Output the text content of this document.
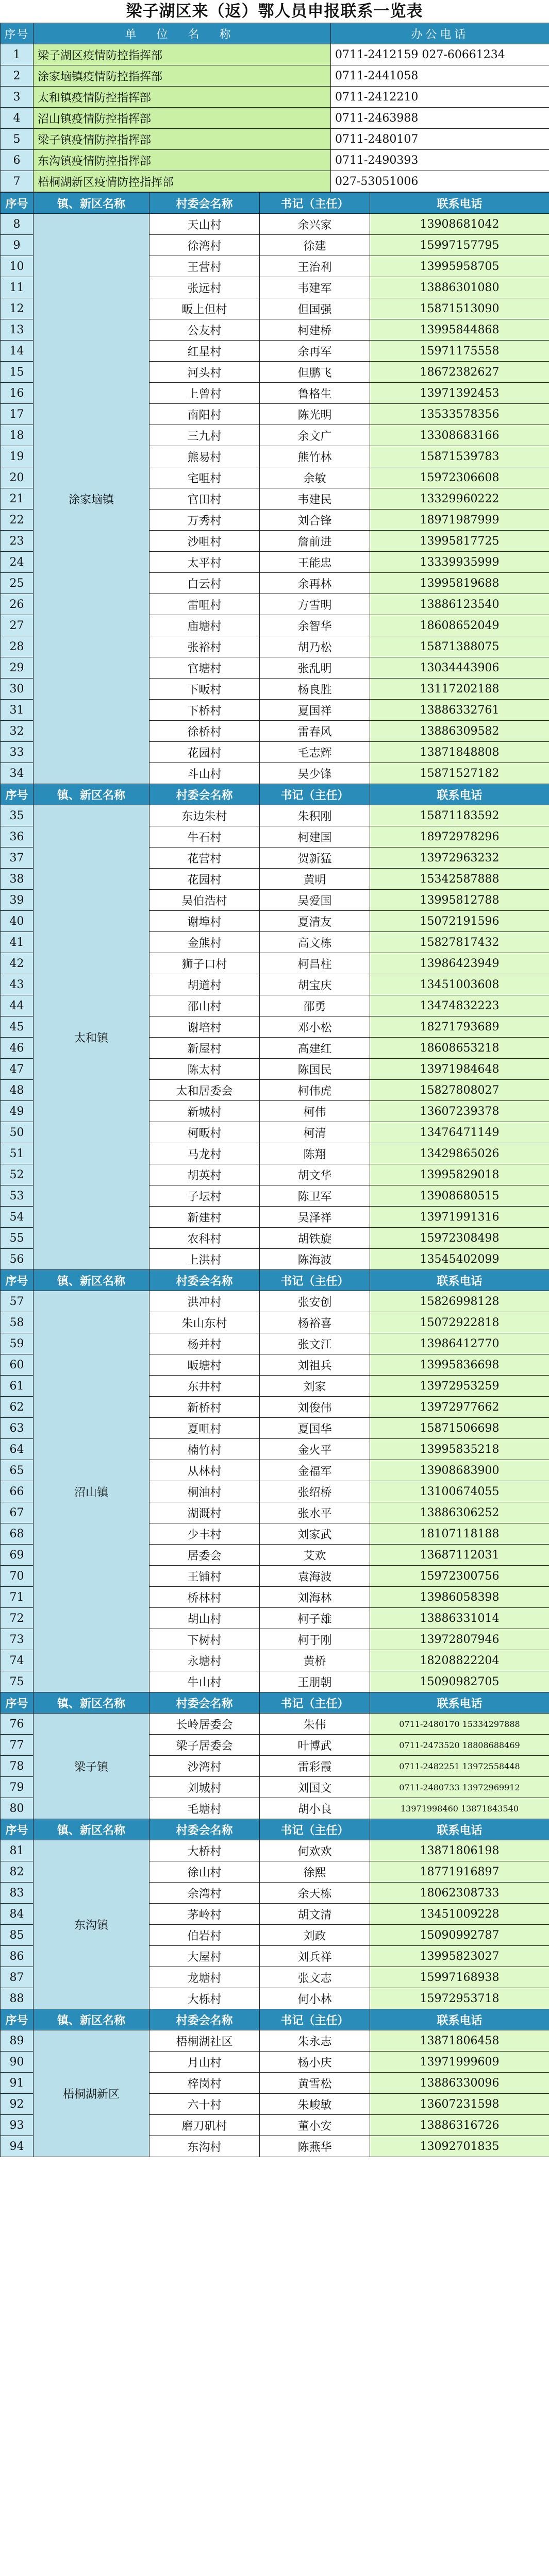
梁子湖区来（返）鄂人员申报联系一览表
序号	单 位 名 称	办公电话
1	梁子湖区疫情防控指挥部	0711-2412159 027-60661234
2	涂家垴镇疫情防控指挥部	0711-2441058
3	太和镇疫情防控指挥部	0711-2412210
4	沼山镇疫情防控指挥部	0711-2463988
5	梁子镇疫情防控指挥部	0711-2480107
6	东沟镇疫情防控指挥部	0711-2490393
7	梧桐湖新区疫情防控指挥部	027-53051006
序号	镇、新区名称	村委会名称	书记（主任）	联系电话
8	涂家垴镇	天山村	余兴家	13908681042
9		徐湾村	徐建	15997157795
10		王营村	王治利	13995958705
11		张远村	韦建军	13886301080
12		畈上但村	但国强	15871513090
13		公友村	柯建桥	13995844868
14		红星村	余再军	15971175558
15		河头村	但鹏飞	18672382627
16		上曾村	鲁格生	13971392453
17		南阳村	陈光明	13533578356
18		三九村	余文广	13308683166
19		熊易村	熊竹林	15871539783
20		宅咀村	余敏	15972306608
21		官田村	韦建民	13329960222
22		万秀村	刘合锋	18971987999
23		沙咀村	詹前进	13995817725
24		太平村	王能忠	13339935999
25		白云村	余再林	13995819688
26		雷咀村	方雪明	13886123540
27		庙塘村	余智华	18608652049
28		张裕村	胡乃松	15871388075
29		官塘村	张乱明	13034443906
30		下畈村	杨良胜	13117202188
31		下桥村	夏国祥	13886332761
32		徐桥村	雷春风	13886309582
33		花园村	毛志辉	13871848808
34		斗山村	吴少锋	15871527182
序号	镇、新区名称	村委会名称	书记（主任）	联系电话
35	太和镇	东边朱村	朱积刚	15871183592
36		牛石村	柯建国	18972978296
37		花营村	贺新猛	13972963232
38		花园村	黄明	15342587888
39		吴伯浩村	吴爱国	13995812788
40		谢埠村	夏清友	15072191596
41		金熊村	高文栋	15827817432
42		狮子口村	柯昌柱	13986423949
43		胡道村	胡宝庆	13451003608
44		邵山村	邵勇	13474832223
45		谢培村	邓小松	18271793689
46		新屋村	高建红	18608653218
47		陈太村	陈国民	13971984648
48		太和居委会	柯伟虎	15827808027
49		新城村	柯伟	13607239378
50		柯畈村	柯清	13476471149
51		马龙村	陈翔	13429865026
52		胡英村	胡文华	13995829018
53		子坛村	陈卫军	13908680515
54		新建村	吴泽祥	13971991316
55		农科村	胡铁旋	15972308498
56		上洪村	陈海波	13545402099
序号	镇、新区名称	村委会名称	书记（主任）	联系电话
57	沼山镇	洪冲村	张安创	15826998128
58		朱山东村	杨裕喜	15072922818
59		杨并村	张文江	13986412770
60		畈塘村	刘祖兵	13995836698
61		东井村	刘家	13972953259
62		新桥村	刘俊伟	13972977662
63		夏咀村	夏国华	15871506698
64		楠竹村	金火平	13995835218
65		从林村	金福军	13908683900
66		桐油村	张绍桥	13100674055
67		湖溉村	张水平	13886306252
68		少丰村	刘家武	18107118188
69		居委会	艾欢	13687112031
70		王铺村	袁海波	15972300756
71		桥林村	刘海林	13986058398
72		胡山村	柯子雄	13886331014
73		下树村	柯于刚	13972807946
74		永塘村	黄桥	18208822204
75		牛山村	王朋朝	15090982705
序号	镇、新区名称	村委会名称	书记（主任）	联系电话
76	梁子镇	长岭居委会	朱伟	0711-2480170 15334297888
77		梁子居委会	叶博武	0711-2473520 18808688469
78		沙湾村	雷彩霞	0711-2482251 13972558448
79		刘城村	刘国文	0711-2480733 13972969912
80		毛塘村	胡小良	13971998460 13871843540
序号	镇、新区名称	村委会名称	书记（主任）	联系电话
81	东沟镇	大桥村	何欢欢	13871806198
82		徐山村	徐熙	18771916897
83		余湾村	余天栋	18062308733
84		茅岭村	胡文清	13451009228
85		伯岩村	刘政	15090992787
86		大屋村	刘兵祥	13995823027
87		龙塘村	张文志	15997168938
88		大栎村	何小林	15972953718
序号	镇、新区名称	村委会名称	书记（主任）	联系电话
89	梧桐湖新区	梧桐湖社区	朱永志	13871806458
90		月山村	杨小庆	13971999609
91		梓岗村	黄雪松	13886330096
92		六十村	朱峻敏	13607231598
93		磨刀矶村	董小安	13886316726
94		东沟村	陈燕华	13092701835
